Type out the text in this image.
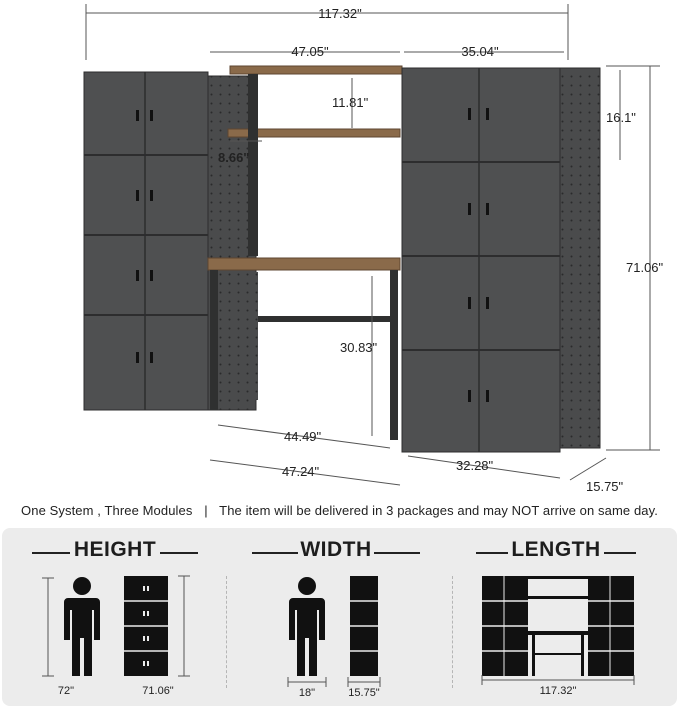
117.32"
47.05"	35.04"
11.81"
8.66"
16.1"
71.06"
30.83"
44.49"
47.24"	32.28"
15.75"
One System , Three Modules | The item will be delivered in 3 packages and may NOT arrive on same day.
72"	71.06"	18"	15.75"	117.32"
HEIGHT	WIDTH	LENGTH
